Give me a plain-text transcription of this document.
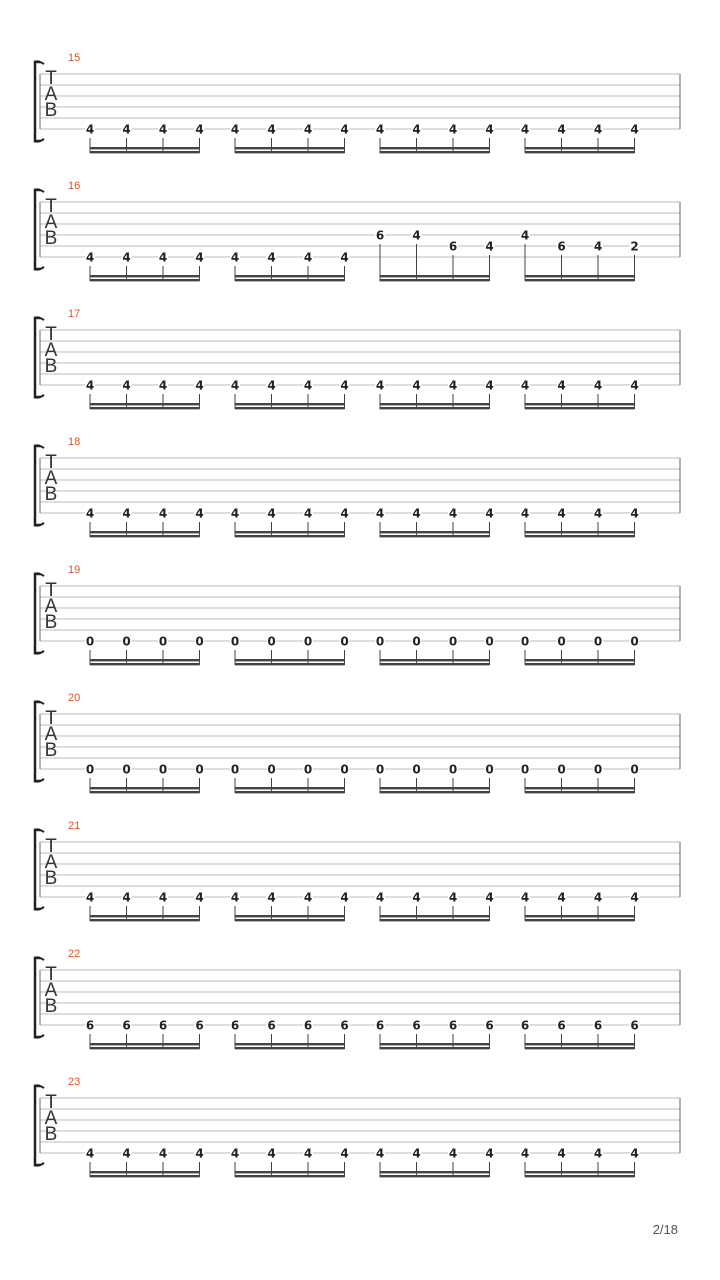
15
T
A
B
4 4 4 4 4 4 4 4 4 4 4 4 4 4 4 4
16
T
A
B
4 4 4 4 4 4 4 4
6 4
6 4
4
6 4 2
17
T
A
B
4 4 4 4 4 4 4 4 4 4 4 4 4 4 4 4
18
T
A
B
4 4 4 4 4 4 4 4 4 4 4 4 4 4 4 4
19
T
A
B
0 0 0 0 0 0 0 0 0 0 0 0 0 0 0 0
20
T
A
B
0 0 0 0 0 0 0 0 0 0 0 0 0 0 0 0
21
T
A
B
4 4 4 4 4 4 4 4 4 4 4 4 4 4 4 4
22
T
A
B
6 6 6 6 6 6 6 6 6 6 6 6 6 6 6 6
23
T
A
B
4 4 4 4 4 4 4 4 4 4 4 4 4 4 4 4
2/18
